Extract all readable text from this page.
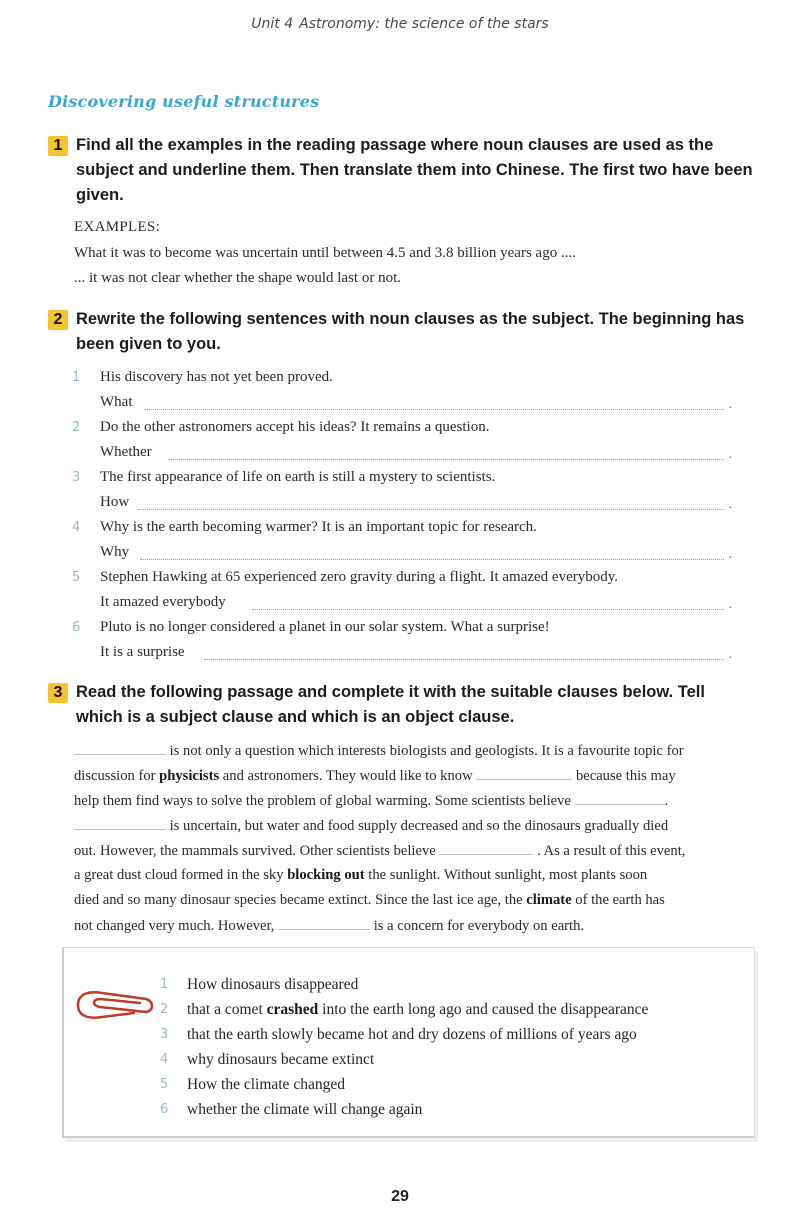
Unit 4 Astronomy: the science of the stars
Discovering useful structures
1 Find all the examples in the reading passage where noun clauses are used as the subject and underline them. Then translate them into Chinese. The first two have been given.
EXAMPLES:
What it was to become was uncertain until between 4.5 and 3.8 billion years ago ....
... it was not clear whether the shape would last or not.
2 Rewrite the following sentences with noun clauses as the subject. The beginning has been given to you.
1	His discovery has not yet been proved.
What	.
2	Do the other astronomers accept his ideas? It remains a question.
Whether	.
3	The first appearance of life on earth is still a mystery to scientists.
How	.
4	Why is the earth becoming warmer? It is an important topic for research.
Why	.
5	Stephen Hawking at 65 experienced zero gravity during a flight. It amazed everybody.
It amazed everybody	.
6	Pluto is no longer considered a planet in our solar system. What a surprise!
It is a surprise	.
3 Read the following passage and complete it with the suitable clauses below. Tell which is a subject clause and which is an object clause.
is not only a question which interests biologists and geologists. It is a favourite topic for
discussion for physicists and astronomers. They would like to know	because this may
help them find ways to solve the problem of global warming. Some scientists believe	.
is uncertain, but water and food supply decreased and so the dinosaurs gradually died
out. However, the mammals survived. Other scientists believe	. As a result of this event,
a great dust cloud formed in the sky blocking out the sunlight. Without sunlight, most plants soon
died and so many dinosaur species became extinct. Since the last ice age, the climate of the earth has
not changed very much. However,	is a concern for everybody on earth.
1	How dinosaurs disappeared
2	that a comet crashed into the earth long ago and caused the disappearance
3	that the earth slowly became hot and dry dozens of millions of years ago
4	why dinosaurs became extinct
5	How the climate changed
6	whether the climate will change again
29
